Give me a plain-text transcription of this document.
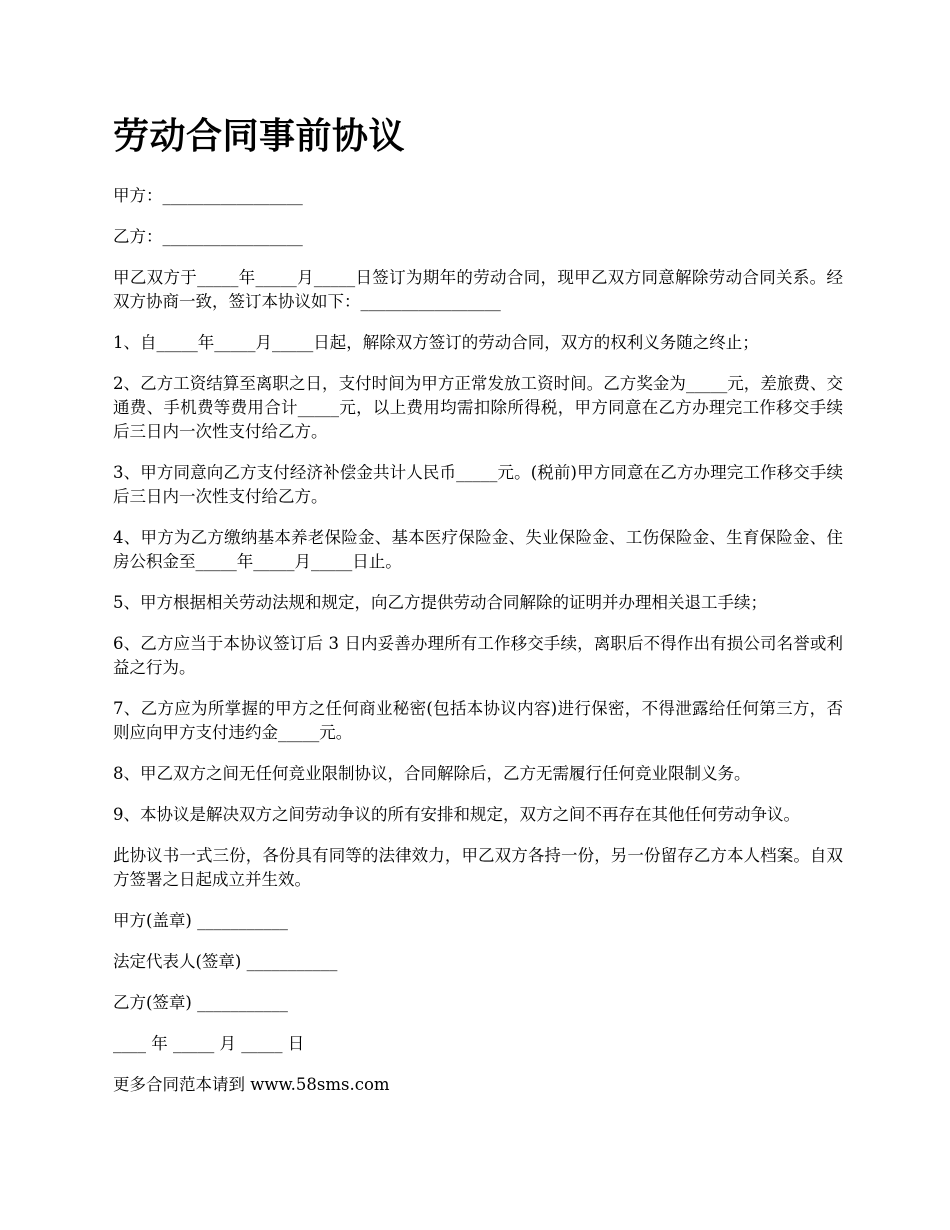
劳动合同事前协议

甲方：_________________

乙方：_________________

甲乙双方于_____年_____月_____日签订为期年的劳动合同，现甲乙双方同意解除劳动合同关系。经双方协商一致，签订本协议如下：_________________

1、自_____年_____月_____日起，解除双方签订的劳动合同，双方的权利义务随之终止；

2、乙方工资结算至离职之日，支付时间为甲方正常发放工资时间。乙方奖金为_____元，差旅费、交通费、手机费等费用合计_____元，以上费用均需扣除所得税，甲方同意在乙方办理完工作移交手续后三日内一次性支付给乙方。

3、甲方同意向乙方支付经济补偿金共计人民币_____元。(税前)甲方同意在乙方办理完工作移交手续后三日内一次性支付给乙方。

4、甲方为乙方缴纳基本养老保险金、基本医疗保险金、失业保险金、工伤保险金、生育保险金、住房公积金至_____年_____月_____日止。

5、甲方根据相关劳动法规和规定，向乙方提供劳动合同解除的证明并办理相关退工手续；

6、乙方应当于本协议签订后 3 日内妥善办理所有工作移交手续，离职后不得作出有损公司名誉或利益之行为。

7、乙方应为所掌握的甲方之任何商业秘密(包括本协议内容)进行保密，不得泄露给任何第三方，否则应向甲方支付违约金_____元。

8、甲乙双方之间无任何竞业限制协议，合同解除后，乙方无需履行任何竞业限制义务。

9、本协议是解决双方之间劳动争议的所有安排和规定，双方之间不再存在其他任何劳动争议。

此协议书一式三份，各份具有同等的法律效力，甲乙双方各持一份，另一份留存乙方本人档案。自双方签署之日起成立并生效。

甲方(盖章) ___________

法定代表人(签章) ___________

乙方(签章) ___________

____ 年 _____ 月 _____ 日

更多合同范本请到 www.58sms.com
